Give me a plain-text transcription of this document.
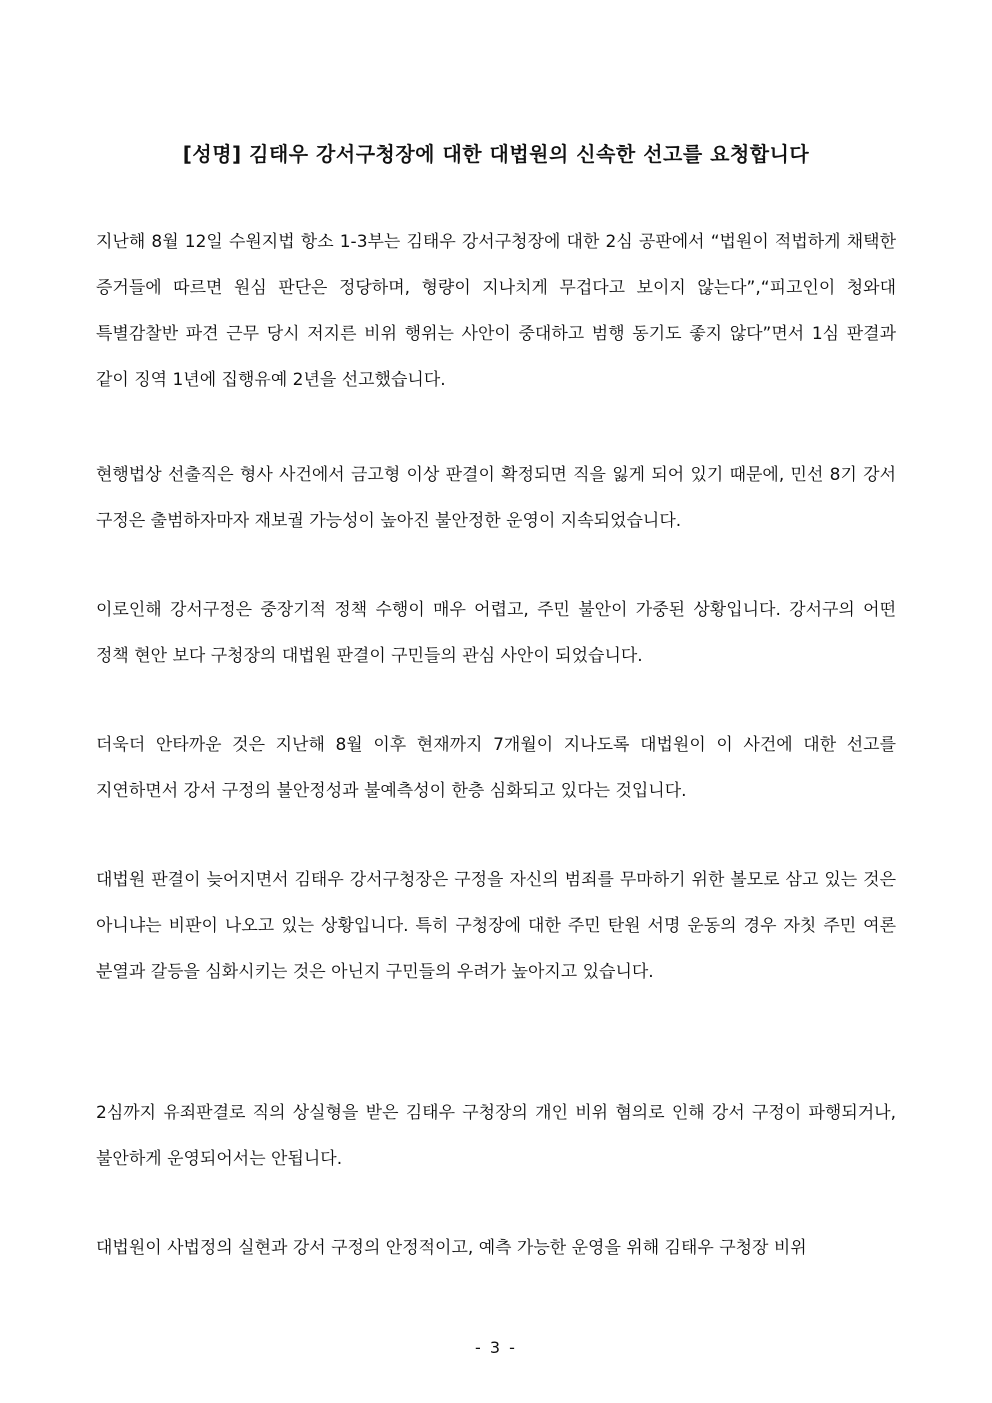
[성명] 김태우 강서구청장에 대한 대법원의 신속한 선고를 요청합니다

지난해 8월 12일 수원지법 항소 1-3부는 김태우 강서구청장에 대한 2심 공판에서 “법원이 적법하게 채택한 증거들에 따르면 원심 판단은 정당하며, 형량이 지나치게 무겁다고 보이지 않는다”,“피고인이 청와대 특별감찰반 파견 근무 당시 저지른 비위 행위는 사안이 중대하고 범행 동기도 좋지 않다”면서 1심 판결과 같이 징역 1년에 집행유예 2년을 선고했습니다.

현행법상 선출직은 형사 사건에서 금고형 이상 판결이 확정되면 직을 잃게 되어 있기 때문에, 민선 8기 강서 구정은 출범하자마자 재보궐 가능성이 높아진 불안정한 운영이 지속되었습니다.

이로인해 강서구정은 중장기적 정책 수행이 매우 어렵고, 주민 불안이 가중된 상황입니다. 강서구의 어떤 정책 현안 보다 구청장의 대법원 판결이 구민들의 관심 사안이 되었습니다.

더욱더 안타까운 것은 지난해 8월 이후 현재까지 7개월이 지나도록 대법원이 이 사건에 대한 선고를 지연하면서 강서 구정의 불안정성과 불예측성이 한층 심화되고 있다는 것입니다.

대법원 판결이 늦어지면서 김태우 강서구청장은 구정을 자신의 범죄를 무마하기 위한 볼모로 삼고 있는 것은 아니냐는 비판이 나오고 있는 상황입니다. 특히 구청장에 대한 주민 탄원 서명 운동의 경우 자칫 주민 여론 분열과 갈등을 심화시키는 것은 아닌지 구민들의 우려가 높아지고 있습니다.

2심까지 유죄판결로 직의 상실형을 받은 김태우 구청장의 개인 비위 혐의로 인해 강서 구정이 파행되거나, 불안하게 운영되어서는 안됩니다.

대법원이 사법정의 실현과 강서 구정의 안정적이고, 예측 가능한 운영을 위해 김태우 구청장 비위

- 3 -
